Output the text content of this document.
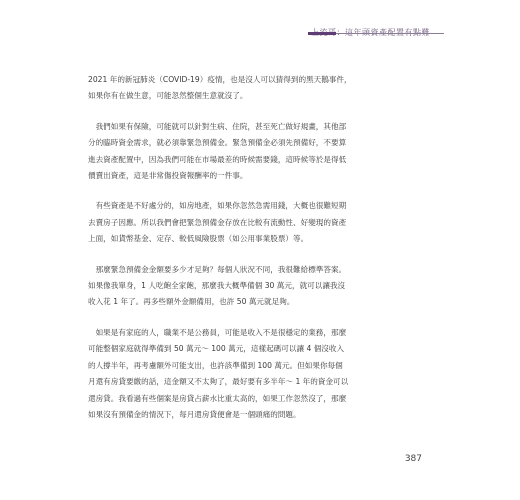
2021 年的新冠肺炎（COVID-19）疫情，也是沒人可以猜得到的黑天鵝事件，
如果你有在做生意，可能忽然整個生意就沒了。

　我們如果有保險，可能就可以針對生病、住院，甚至死亡做好規畫，其他部
分的臨時資金需求，就必須靠緊急預備金。緊急預備金必須先預備好，不要算
進去資產配置中，因為我們可能在市場最差的時候需要錢，這時候等於是得低
價賣出資產，這是非常傷投資報酬率的一件事。

　有些資產是不好處分的，如房地產，如果你忽然急需用錢，大概也很難短期
去賣房子因應。所以我們會把緊急預備金存放在比較有流動性、好變現的資產
上面，如貨幣基金、定存、較低風險股票（如公用事業股票）等。

　那麼緊急預備金金額要多少才足夠？每個人狀況不同，我很難給標準答案。
如果像我單身，1 人吃飽全家飽，那麼我大概準備個 30 萬元，就可以讓我沒
收入花 1 年了。再多些額外金額備用，也許 50 萬元就足夠。

　如果是有家庭的人，職業不是公務員，可能是收入不是很穩定的業務，那麼
可能整個家庭就得準備到 50 萬元～ 100 萬元，這樣起碼可以讓 4 個沒收入
的人撐半年，再考慮額外可能支出，也許該準備到 100 萬元。但如果你每個
月還有房貸要繳的話，這金額又不太夠了，最好要有多半年～ 1 年的資金可以
還房貸。我看過有些個案是房貸占薪水比重太高的，如果工作忽然沒了，那麼
如果沒有預備金的情況下，每月還房貸便會是一個頭痛的問題。

387
